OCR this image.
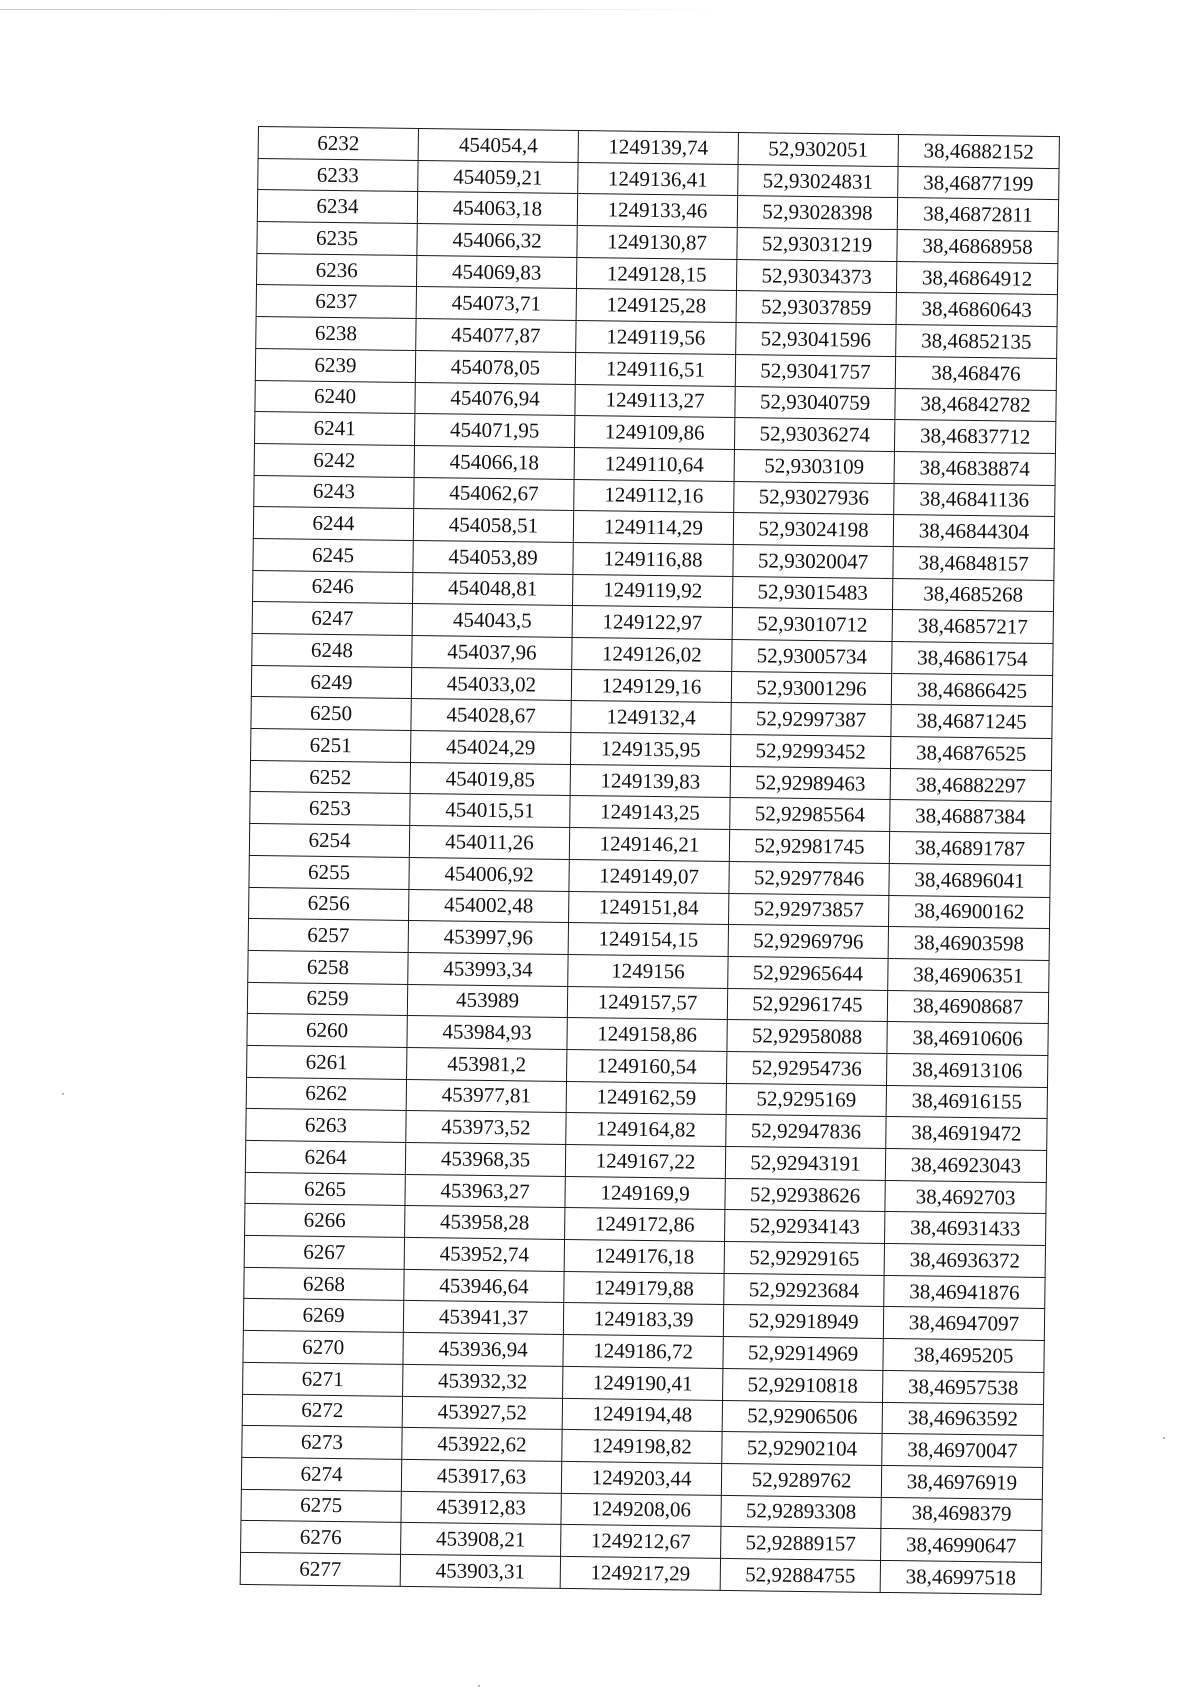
6232	454054,4	1249139,74	52,9302051	38,46882152
6233	454059,21	1249136,41	52,93024831	38,46877199
6234	454063,18	1249133,46	52,93028398	38,46872811
6235	454066,32	1249130,87	52,93031219	38,46868958
6236	454069,83	1249128,15	52,93034373	38,46864912
6237	454073,71	1249125,28	52,93037859	38,46860643
6238	454077,87	1249119,56	52,93041596	38,46852135
6239	454078,05	1249116,51	52,93041757	38,468476
6240	454076,94	1249113,27	52,93040759	38,46842782
6241	454071,95	1249109,86	52,93036274	38,46837712
6242	454066,18	1249110,64	52,9303109	38,46838874
6243	454062,67	1249112,16	52,93027936	38,46841136
6244	454058,51	1249114,29	52,93024198	38,46844304
6245	454053,89	1249116,88	52,93020047	38,46848157
6246	454048,81	1249119,92	52,93015483	38,4685268
6247	454043,5	1249122,97	52,93010712	38,46857217
6248	454037,96	1249126,02	52,93005734	38,46861754
6249	454033,02	1249129,16	52,93001296	38,46866425
6250	454028,67	1249132,4	52,92997387	38,46871245
6251	454024,29	1249135,95	52,92993452	38,46876525
6252	454019,85	1249139,83	52,92989463	38,46882297
6253	454015,51	1249143,25	52,92985564	38,46887384
6254	454011,26	1249146,21	52,92981745	38,46891787
6255	454006,92	1249149,07	52,92977846	38,46896041
6256	454002,48	1249151,84	52,92973857	38,46900162
6257	453997,96	1249154,15	52,92969796	38,46903598
6258	453993,34	1249156	52,92965644	38,46906351
6259	453989	1249157,57	52,92961745	38,46908687
6260	453984,93	1249158,86	52,92958088	38,46910606
6261	453981,2	1249160,54	52,92954736	38,46913106
6262	453977,81	1249162,59	52,9295169	38,46916155
6263	453973,52	1249164,82	52,92947836	38,46919472
6264	453968,35	1249167,22	52,92943191	38,46923043
6265	453963,27	1249169,9	52,92938626	38,4692703
6266	453958,28	1249172,86	52,92934143	38,46931433
6267	453952,74	1249176,18	52,92929165	38,46936372
6268	453946,64	1249179,88	52,92923684	38,46941876
6269	453941,37	1249183,39	52,92918949	38,46947097
6270	453936,94	1249186,72	52,92914969	38,4695205
6271	453932,32	1249190,41	52,92910818	38,46957538
6272	453927,52	1249194,48	52,92906506	38,46963592
6273	453922,62	1249198,82	52,92902104	38,46970047
6274	453917,63	1249203,44	52,9289762	38,46976919
6275	453912,83	1249208,06	52,92893308	38,4698379
6276	453908,21	1249212,67	52,92889157	38,46990647
6277	453903,31	1249217,29	52,92884755	38,46997518
